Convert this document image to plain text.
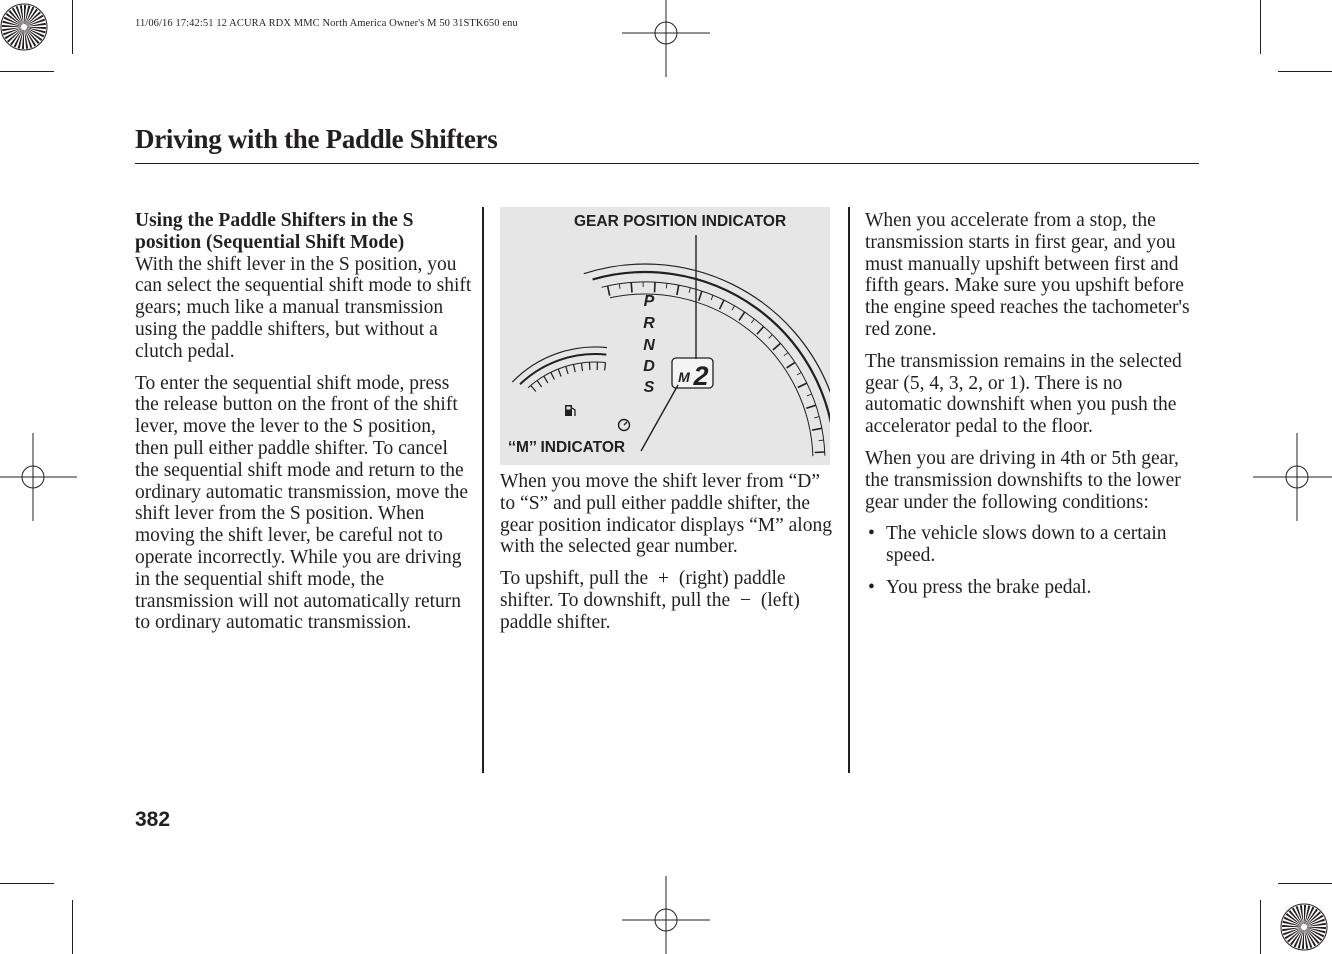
11/06/16 17:42:51 12 ACURA RDX MMC North America Owner's M 50 31STK650 enu
Driving with the Paddle Shifters

Using the Paddle Shifters in the S position (Sequential Shift Mode)
With the shift lever in the S position, you can select the sequential shift mode to shift gears; much like a manual transmission using the paddle shifters, but without a clutch pedal.

To enter the sequential shift mode, press the release button on the front of the shift lever, move the lever to the S position, then pull either paddle shifter. To cancel the sequential shift mode and return to the ordinary automatic transmission, move the shift lever from the S position. When moving the shift lever, be careful not to operate incorrectly. While you are driving in the sequential shift mode, the transmission will not automatically return to ordinary automatic transmission.

P
R
N
D
S
M 2
GEAR POSITION INDICATOR
‘‘M’’ INDICATOR

When you move the shift lever from “D” to “S” and pull either paddle shifter, the gear position indicator displays “M” along with the selected gear number.

To upshift, pull the + (right) paddle shifter. To downshift, pull the − (left) paddle shifter.

When you accelerate from a stop, the transmission starts in first gear, and you must manually upshift between first and fifth gears. Make sure you upshift before the engine speed reaches the tachometer's red zone.

The transmission remains in the selected gear (5, 4, 3, 2, or 1). There is no automatic downshift when you push the accelerator pedal to the floor.

When you are driving in 4th or 5th gear, the transmission downshifts to the lower gear under the following conditions:

• The vehicle slows down to a certain speed.
• You press the brake pedal.
382
